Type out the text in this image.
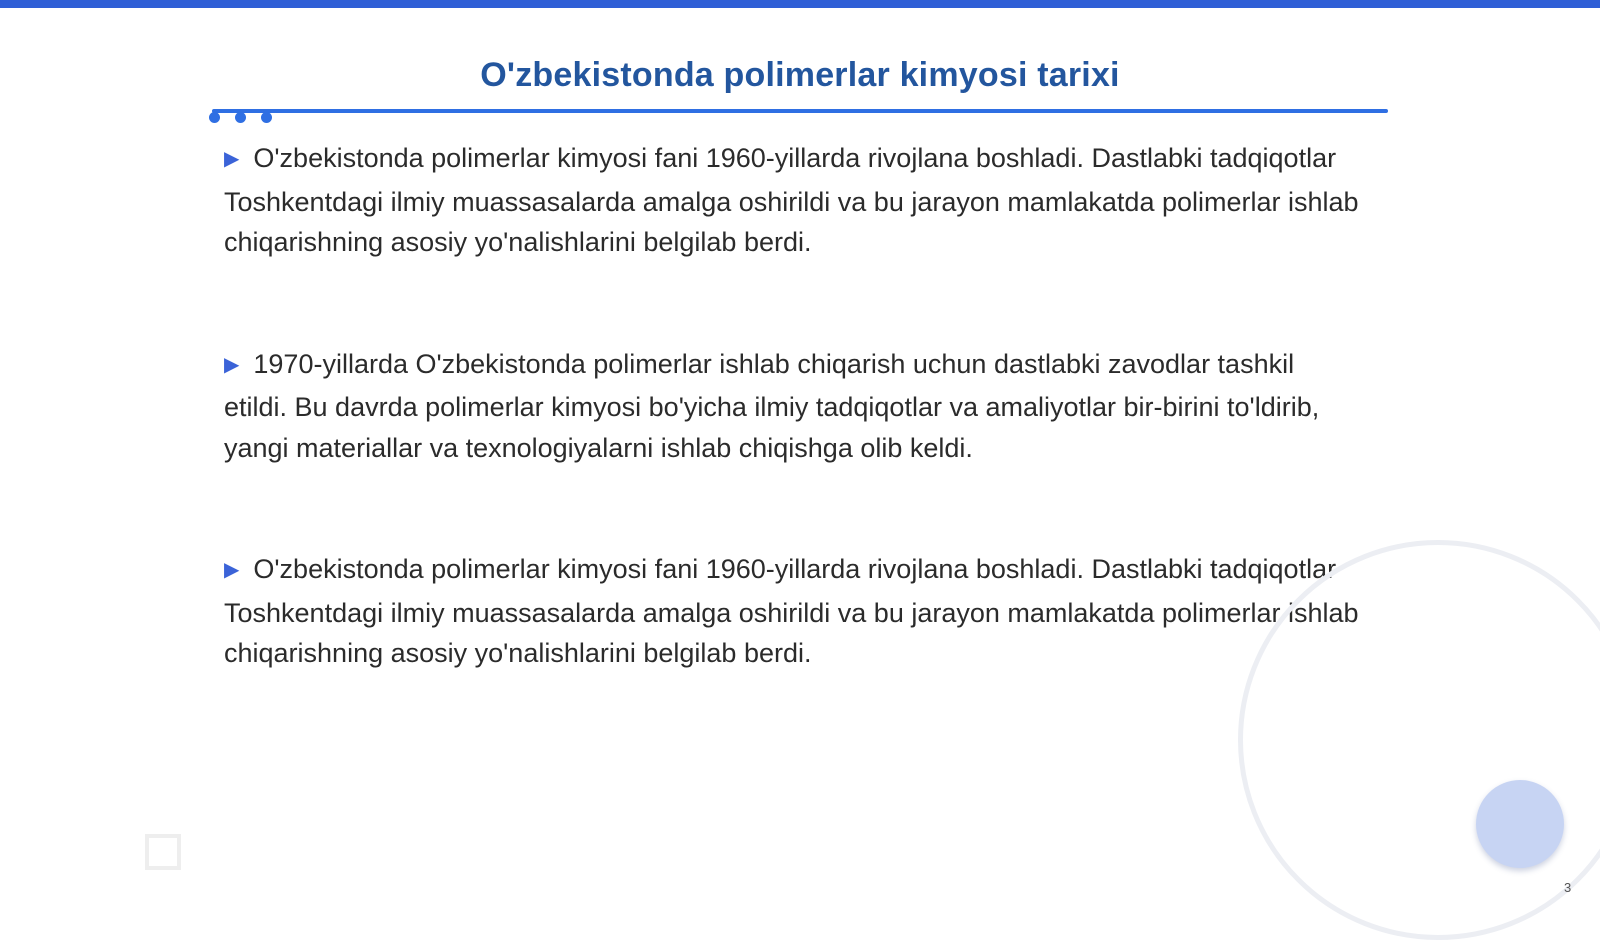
O'zbekistonda polimerlar kimyosi tarixi

▶ O'zbekistonda polimerlar kimyosi fani 1960-yillarda rivojlana boshladi. Dastlabki tadqiqotlar Toshkentdagi ilmiy muassasalarda amalga oshirildi va bu jarayon mamlakatda polimerlar ishlab chiqarishning asosiy yo'nalishlarini belgilab berdi.

▶ 1970-yillarda O'zbekistonda polimerlar ishlab chiqarish uchun dastlabki zavodlar tashkil etildi. Bu davrda polimerlar kimyosi bo'yicha ilmiy tadqiqotlar va amaliyotlar bir-birini to'ldirib, yangi materiallar va texnologiyalarni ishlab chiqishga olib keldi.

▶ O'zbekistonda polimerlar kimyosi fani 1960-yillarda rivojlana boshladi. Dastlabki tadqiqotlar Toshkentdagi ilmiy muassasalarda amalga oshirildi va bu jarayon mamlakatda polimerlar ishlab chiqarishning asosiy yo'nalishlarini belgilab berdi.

3
